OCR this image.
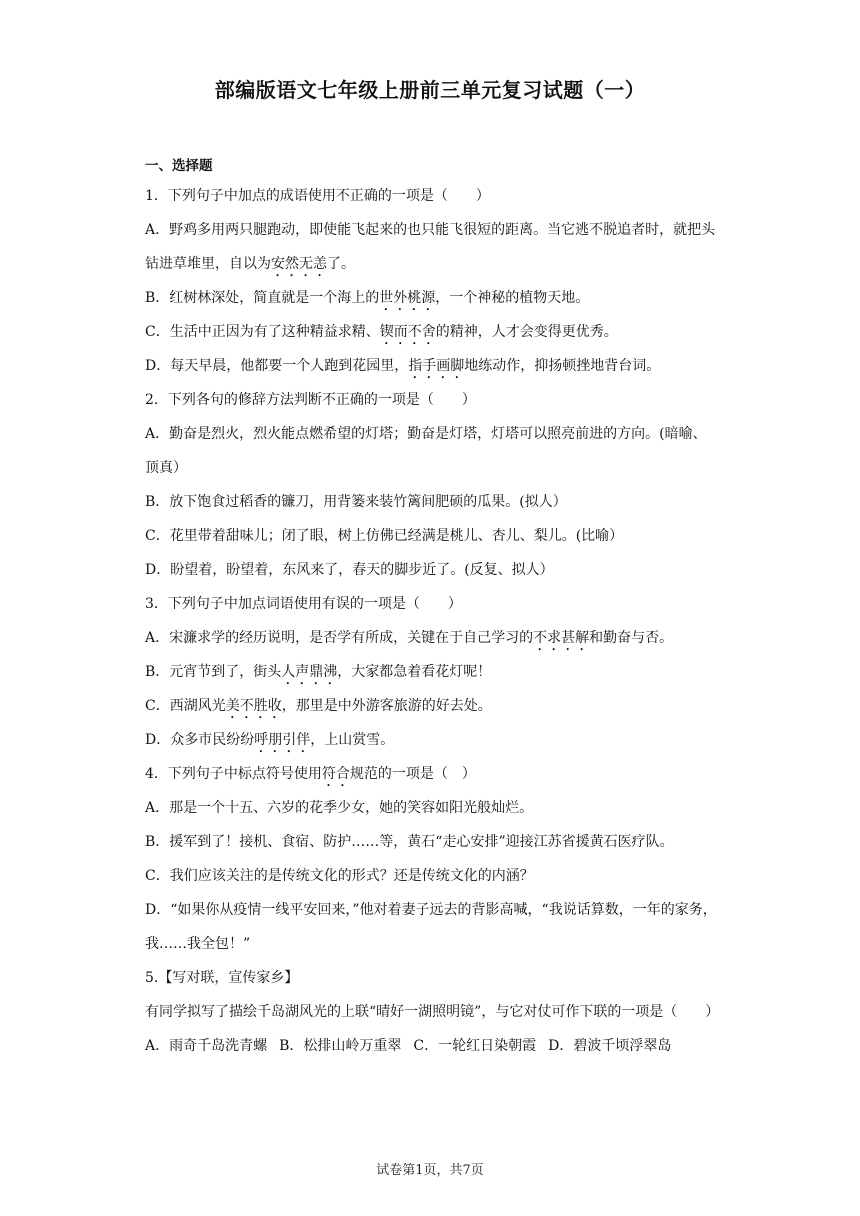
部编版语文七年级上册前三单元复习试题（一）
一、选择题
1．下列句子中加点的成语使用不正确的一项是（　　）
A．野鸡多用两只腿跑动，即使能飞起来的也只能飞很短的距离。当它逃不脱追者时，就把头钻进草堆里，自以为安然无恙了。
B．红树林深处，简直就是一个海上的世外桃源，一个神秘的植物天地。
C．生活中正因为有了这种精益求精、锲而不舍的精神，人才会变得更优秀。
D．每天早晨，他都要一个人跑到花园里，指手画脚地练动作，抑扬顿挫地背台词。
2．下列各句的修辞方法判断不正确的一项是（　　）
A．勤奋是烈火，烈火能点燃希望的灯塔；勤奋是灯塔，灯塔可以照亮前进的方向。(暗喻、顶真）
B．放下饱食过稻香的镰刀，用背篓来装竹篱间肥硕的瓜果。(拟人）
C．花里带着甜味儿；闭了眼，树上仿佛已经满是桃儿、杏儿、梨儿。(比喻）
D．盼望着，盼望着，东风来了，春天的脚步近了。(反复、拟人）
3．下列句子中加点词语使用有误的一项是（　　）
A．宋濂求学的经历说明，是否学有所成，关键在于自己学习的不求甚解和勤奋与否。
B．元宵节到了，街头人声鼎沸，大家都急着看花灯呢！
C．西湖风光美不胜收，那里是中外游客旅游的好去处。
D．众多市民纷纷呼朋引伴，上山赏雪。
4．下列句子中标点符号使用符合规范的一项是（　）
A．那是一个十五、六岁的花季少女，她的笑容如阳光般灿烂。
B．援军到了！接机、食宿、防护……等，黄石“走心安排”迎接江苏省援黄石医疗队。
C．我们应该关注的是传统文化的形式？还是传统文化的内涵？
D．“如果你从疫情一线平安回来，”他对着妻子远去的背影高喊，“我说话算数，一年的家务，我……我全包！”
5.【写对联，宣传家乡】
有同学拟写了描绘千岛湖风光的上联“晴好一湖照明镜”，与它对仗可作下联的一项是（　　）
A．雨奇千岛洗青螺 B．松排山岭万重翠 C．一轮红日染朝霞 D．碧波千顷浮翠岛
试卷第1页，共7页
